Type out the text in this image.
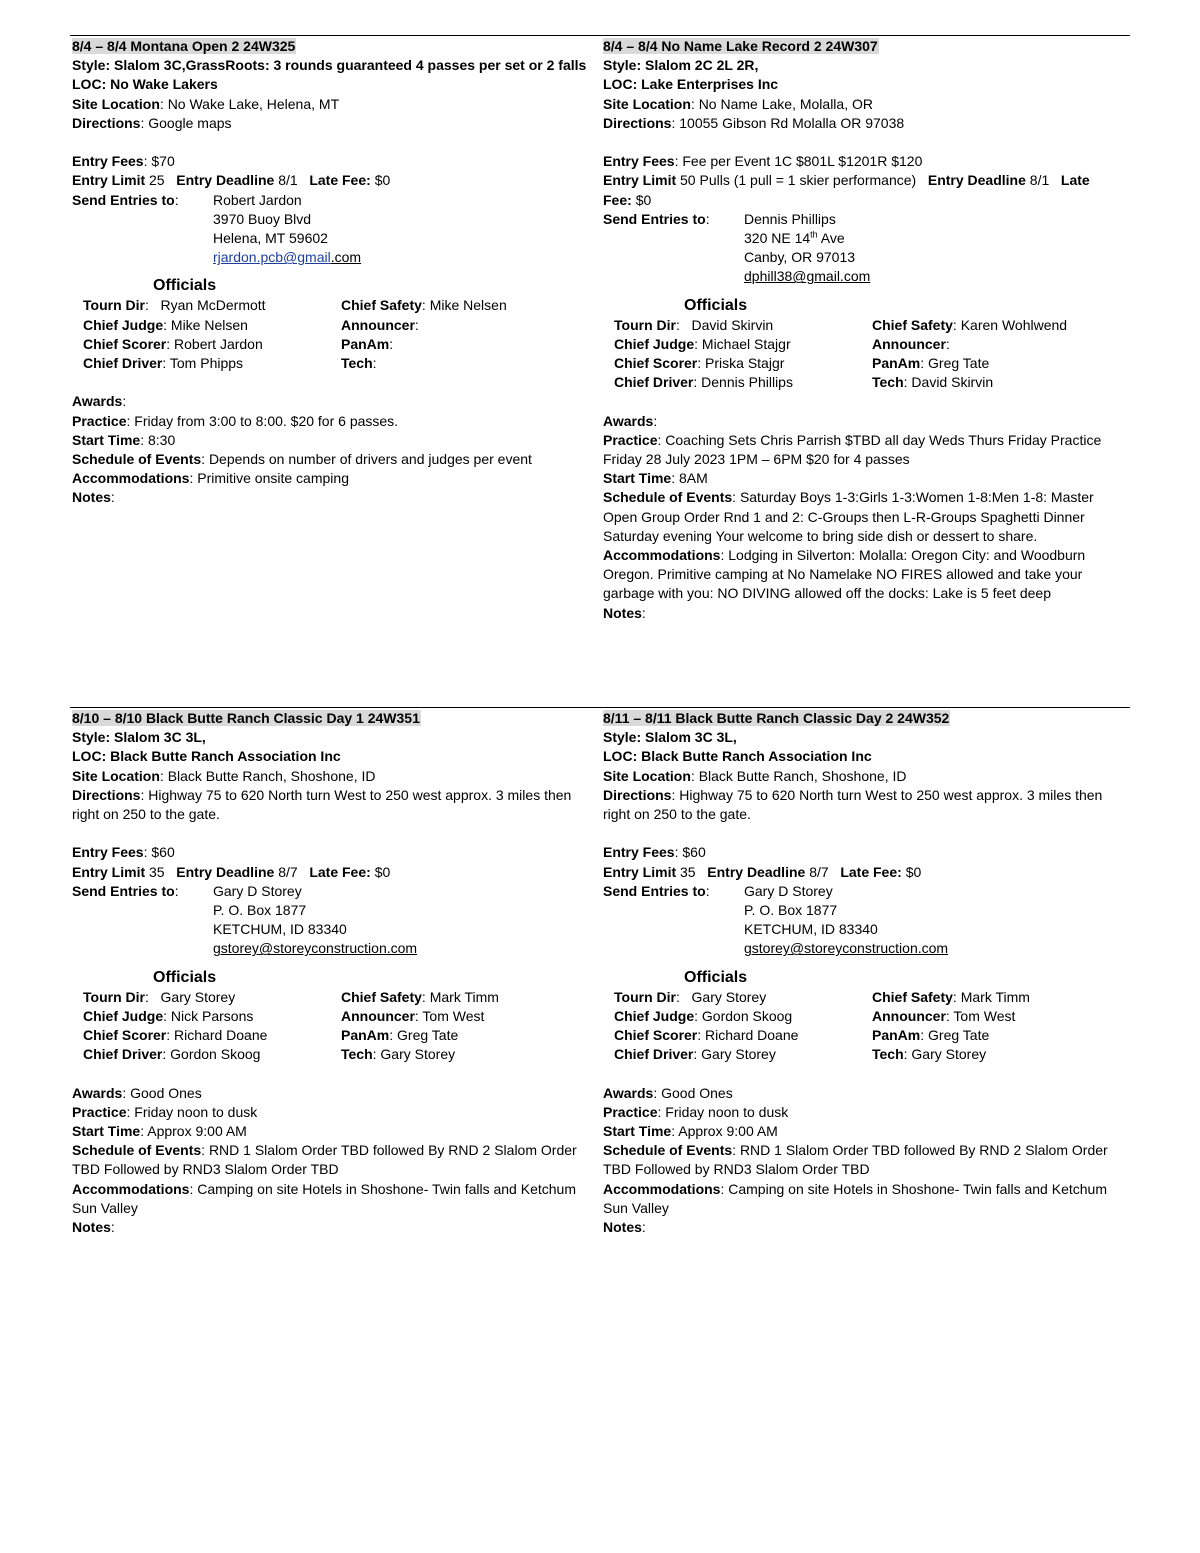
8/4 – 8/4 Montana Open 2 24W325
Style: Slalom 3C,GrassRoots: 3 rounds guaranteed 4 passes per set or 2 falls
LOC: No Wake Lakers
Site Location: No Wake Lake, Helena, MT
Directions: Google maps
Entry Fees: $70
Entry Limit 25 Entry Deadline 8/1 Late Fee: $0
Send Entries to:	Robert Jardon
3970 Buoy Blvd
Helena, MT 59602
rjardon.pcb@gmail.com
Officials
Tourn Dir:   Ryan McDermott	Chief Safety: Mike Nelsen
Chief Judge: Mike Nelsen	Announcer:
Chief Scorer: Robert Jardon	PanAm:
Chief Driver: Tom Phipps	Tech:
Awards:
Practice: Friday from 3:00 to 8:00. $20 for 6 passes.
Start Time: 8:30
Schedule of Events: Depends on number of drivers and judges per event
Accommodations: Primitive onsite camping
Notes:
8/4 – 8/4 No Name Lake Record 2 24W307
Style: Slalom 2C 2L 2R,
LOC: Lake Enterprises Inc
Site Location: No Name Lake, Molalla, OR
Directions: 10055 Gibson Rd Molalla OR 97038
Entry Fees: Fee per Event 1C $801L $1201R $120
Entry Limit 50 Pulls (1 pull = 1 skier performance) Entry Deadline 8/1 Late Fee: $0
Send Entries to:	Dennis Phillips
320 NE 14th Ave
Canby, OR 97013
dphill38@gmail.com
Officials
Tourn Dir:   David Skirvin	Chief Safety: Karen Wohlwend
Chief Judge: Michael Stajgr	Announcer:
Chief Scorer: Priska Stajgr	PanAm: Greg Tate
Chief Driver: Dennis Phillips	Tech: David Skirvin
Awards:
Practice: Coaching Sets Chris Parrish $TBD all day Weds Thurs Friday Practice Friday 28 July 2023 1PM – 6PM $20 for 4 passes
Start Time: 8AM
Schedule of Events: Saturday Boys 1-3:Girls 1-3:Women 1-8:Men 1-8: Master Open Group Order Rnd 1 and 2: C-Groups then L-R-Groups Spaghetti Dinner Saturday evening Your welcome to bring side dish or dessert to share.
Accommodations: Lodging in Silverton: Molalla: Oregon City: and Woodburn Oregon. Primitive camping at No Namelake NO FIRES allowed and take your garbage with you: NO DIVING allowed off the docks: Lake is 5 feet deep
Notes:
8/10 – 8/10 Black Butte Ranch Classic Day 1 24W351
Style: Slalom 3C 3L,
LOC: Black Butte Ranch Association Inc
Site Location: Black Butte Ranch, Shoshone, ID
Directions: Highway 75 to 620 North turn West to 250 west approx. 3 miles then right on 250 to the gate.
Entry Fees: $60
Entry Limit 35 Entry Deadline 8/7 Late Fee: $0
Send Entries to:	Gary D Storey
P. O. Box 1877
KETCHUM, ID 83340
gstorey@storeyconstruction.com
Officials
Tourn Dir:   Gary Storey	Chief Safety: Mark Timm
Chief Judge: Nick Parsons	Announcer: Tom West
Chief Scorer: Richard Doane	PanAm: Greg Tate
Chief Driver: Gordon Skoog	Tech: Gary Storey
Awards: Good Ones
Practice: Friday noon to dusk
Start Time: Approx 9:00 AM
Schedule of Events: RND 1 Slalom Order TBD followed By RND 2 Slalom Order TBD Followed by RND3 Slalom Order TBD
Accommodations: Camping on site Hotels in Shoshone- Twin falls and Ketchum Sun Valley
Notes:
8/11 – 8/11 Black Butte Ranch Classic Day 2 24W352
Style: Slalom 3C 3L,
LOC: Black Butte Ranch Association Inc
Site Location: Black Butte Ranch, Shoshone, ID
Directions: Highway 75 to 620 North turn West to 250 west approx. 3 miles then right on 250 to the gate.
Entry Fees: $60
Entry Limit 35 Entry Deadline 8/7 Late Fee: $0
Send Entries to:	Gary D Storey
P. O. Box 1877
KETCHUM, ID 83340
gstorey@storeyconstruction.com
Officials
Tourn Dir:   Gary Storey	Chief Safety: Mark Timm
Chief Judge: Gordon Skoog	Announcer: Tom West
Chief Scorer: Richard Doane	PanAm: Greg Tate
Chief Driver: Gary Storey	Tech: Gary Storey
Awards: Good Ones
Practice: Friday noon to dusk
Start Time: Approx 9:00 AM
Schedule of Events: RND 1 Slalom Order TBD followed By RND 2 Slalom Order TBD Followed by RND3 Slalom Order TBD
Accommodations: Camping on site Hotels in Shoshone- Twin falls and Ketchum Sun Valley
Notes:
